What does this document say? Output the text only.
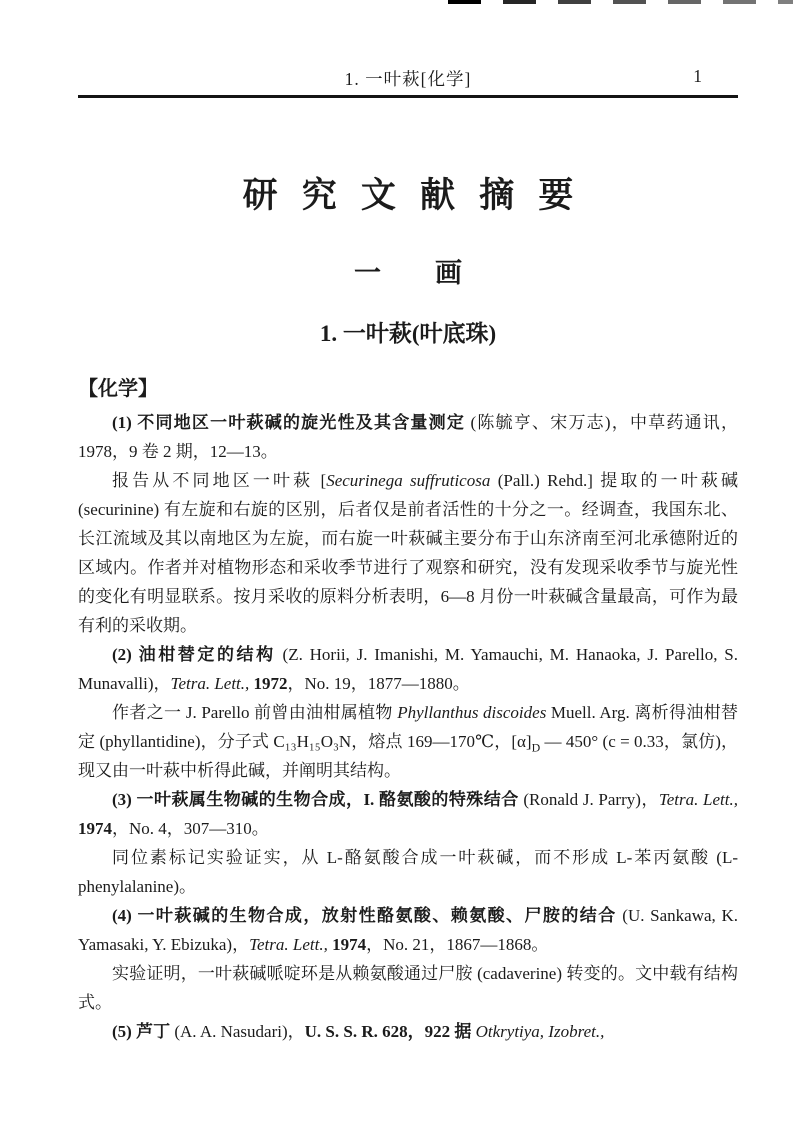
1. 一叶萩[化学]	1
研 究 文 献 摘 要
一　　画
1. 一叶萩(叶底珠)
【化学】

(1) 不同地区一叶萩碱的旋光性及其含量测定 (陈毓亨、宋万志)，中草药通讯，1978，9 卷 2 期，12—13。

报告从不同地区一叶萩 [Securinega suffruticosa (Pall.) Rehd.] 提取的一叶萩碱 (securinine) 有左旋和右旋的区别，后者仅是前者活性的十分之一。经调查，我国东北、长江流域及其以南地区为左旋，而右旋一叶萩碱主要分布于山东济南至河北承德附近的区域内。作者并对植物形态和采收季节进行了观察和研究，没有发现采收季节与旋光性的变化有明显联系。按月采收的原料分析表明，6—8 月份一叶萩碱含量最高，可作为最有利的采收期。

(2) 油柑替定的结构 (Z. Horii, J. Imanishi, M. Yamauchi, M. Hanaoka, J. Parello, S. Munavalli)，Tetra. Lett., 1972，No. 19，1877—1880。

作者之一 J. Parello 前曾由油柑属植物 Phyllanthus discoides Muell. Arg. 离析得油柑替定 (phyllantidine)，分子式 C₁₃H₁₅O₃N，熔点 169—170℃，$[\alpha]_D$ — 450° (c = 0.33，氯仿)，现又由一叶萩中析得此碱，并阐明其结构。

(3) 一叶萩属生物碱的生物合成，I. 酪氨酸的特殊结合 (Ronald J. Parry)，Tetra. Lett., 1974，No. 4，307—310。

同位素标记实验证实，从 L-酪氨酸合成一叶萩碱，而不形成 L-苯丙氨酸 (L-phenylalanine)。

(4) 一叶萩碱的生物合成，放射性酪氨酸、赖氨酸、尸胺的结合 (U. Sankawa, K. Yamasaki, Y. Ebizuka)，Tetra. Lett., 1974，No. 21，1867—1868。

实验证明，一叶萩碱哌啶环是从赖氨酸通过尸胺 (cadaverine) 转变的。文中载有结构式。

(5) 芦丁 (A. A. Nasudari)，U. S. S. R. 628，922 据 Otkrytiya, Izobret.,
